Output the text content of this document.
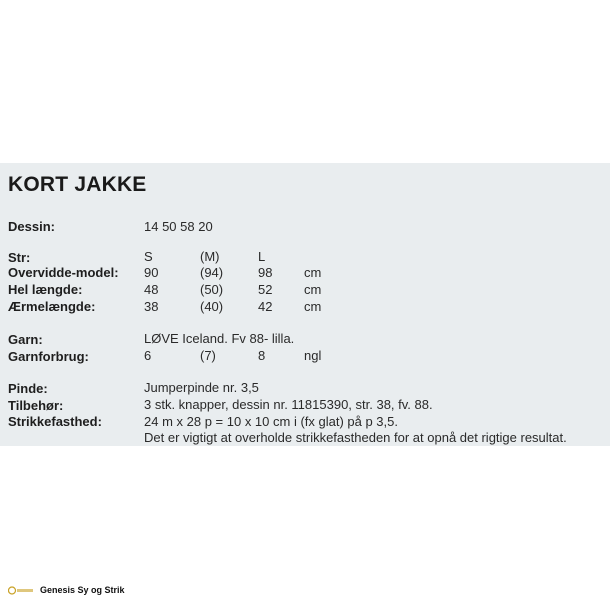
KORT JAKKE
Dessin:	14 50 58 20
Str:	S	(M)	L
Overvidde-model: 90	(94)	98 cm
Hel længde:	48	(50)	52 cm
Ærmelængde:	38	(40)	42 cm
Garn:	LØVE Iceland. Fv 88- lilla.
Garnforbrug:	6	(7)	8	ngl
Pinde:	Jumperpinde nr. 3,5
Tilbehør:	3 stk. knapper, dessin nr. 11815390, str. 38, fv. 88.
Strikkefasthed:	24 m x 28 p = 10 x 10 cm i (fx glat) på p 3,5.
Det er vigtigt at overholde strikkefastheden for at opnå det rigtige resultat.
Genesis Sy og Strik
